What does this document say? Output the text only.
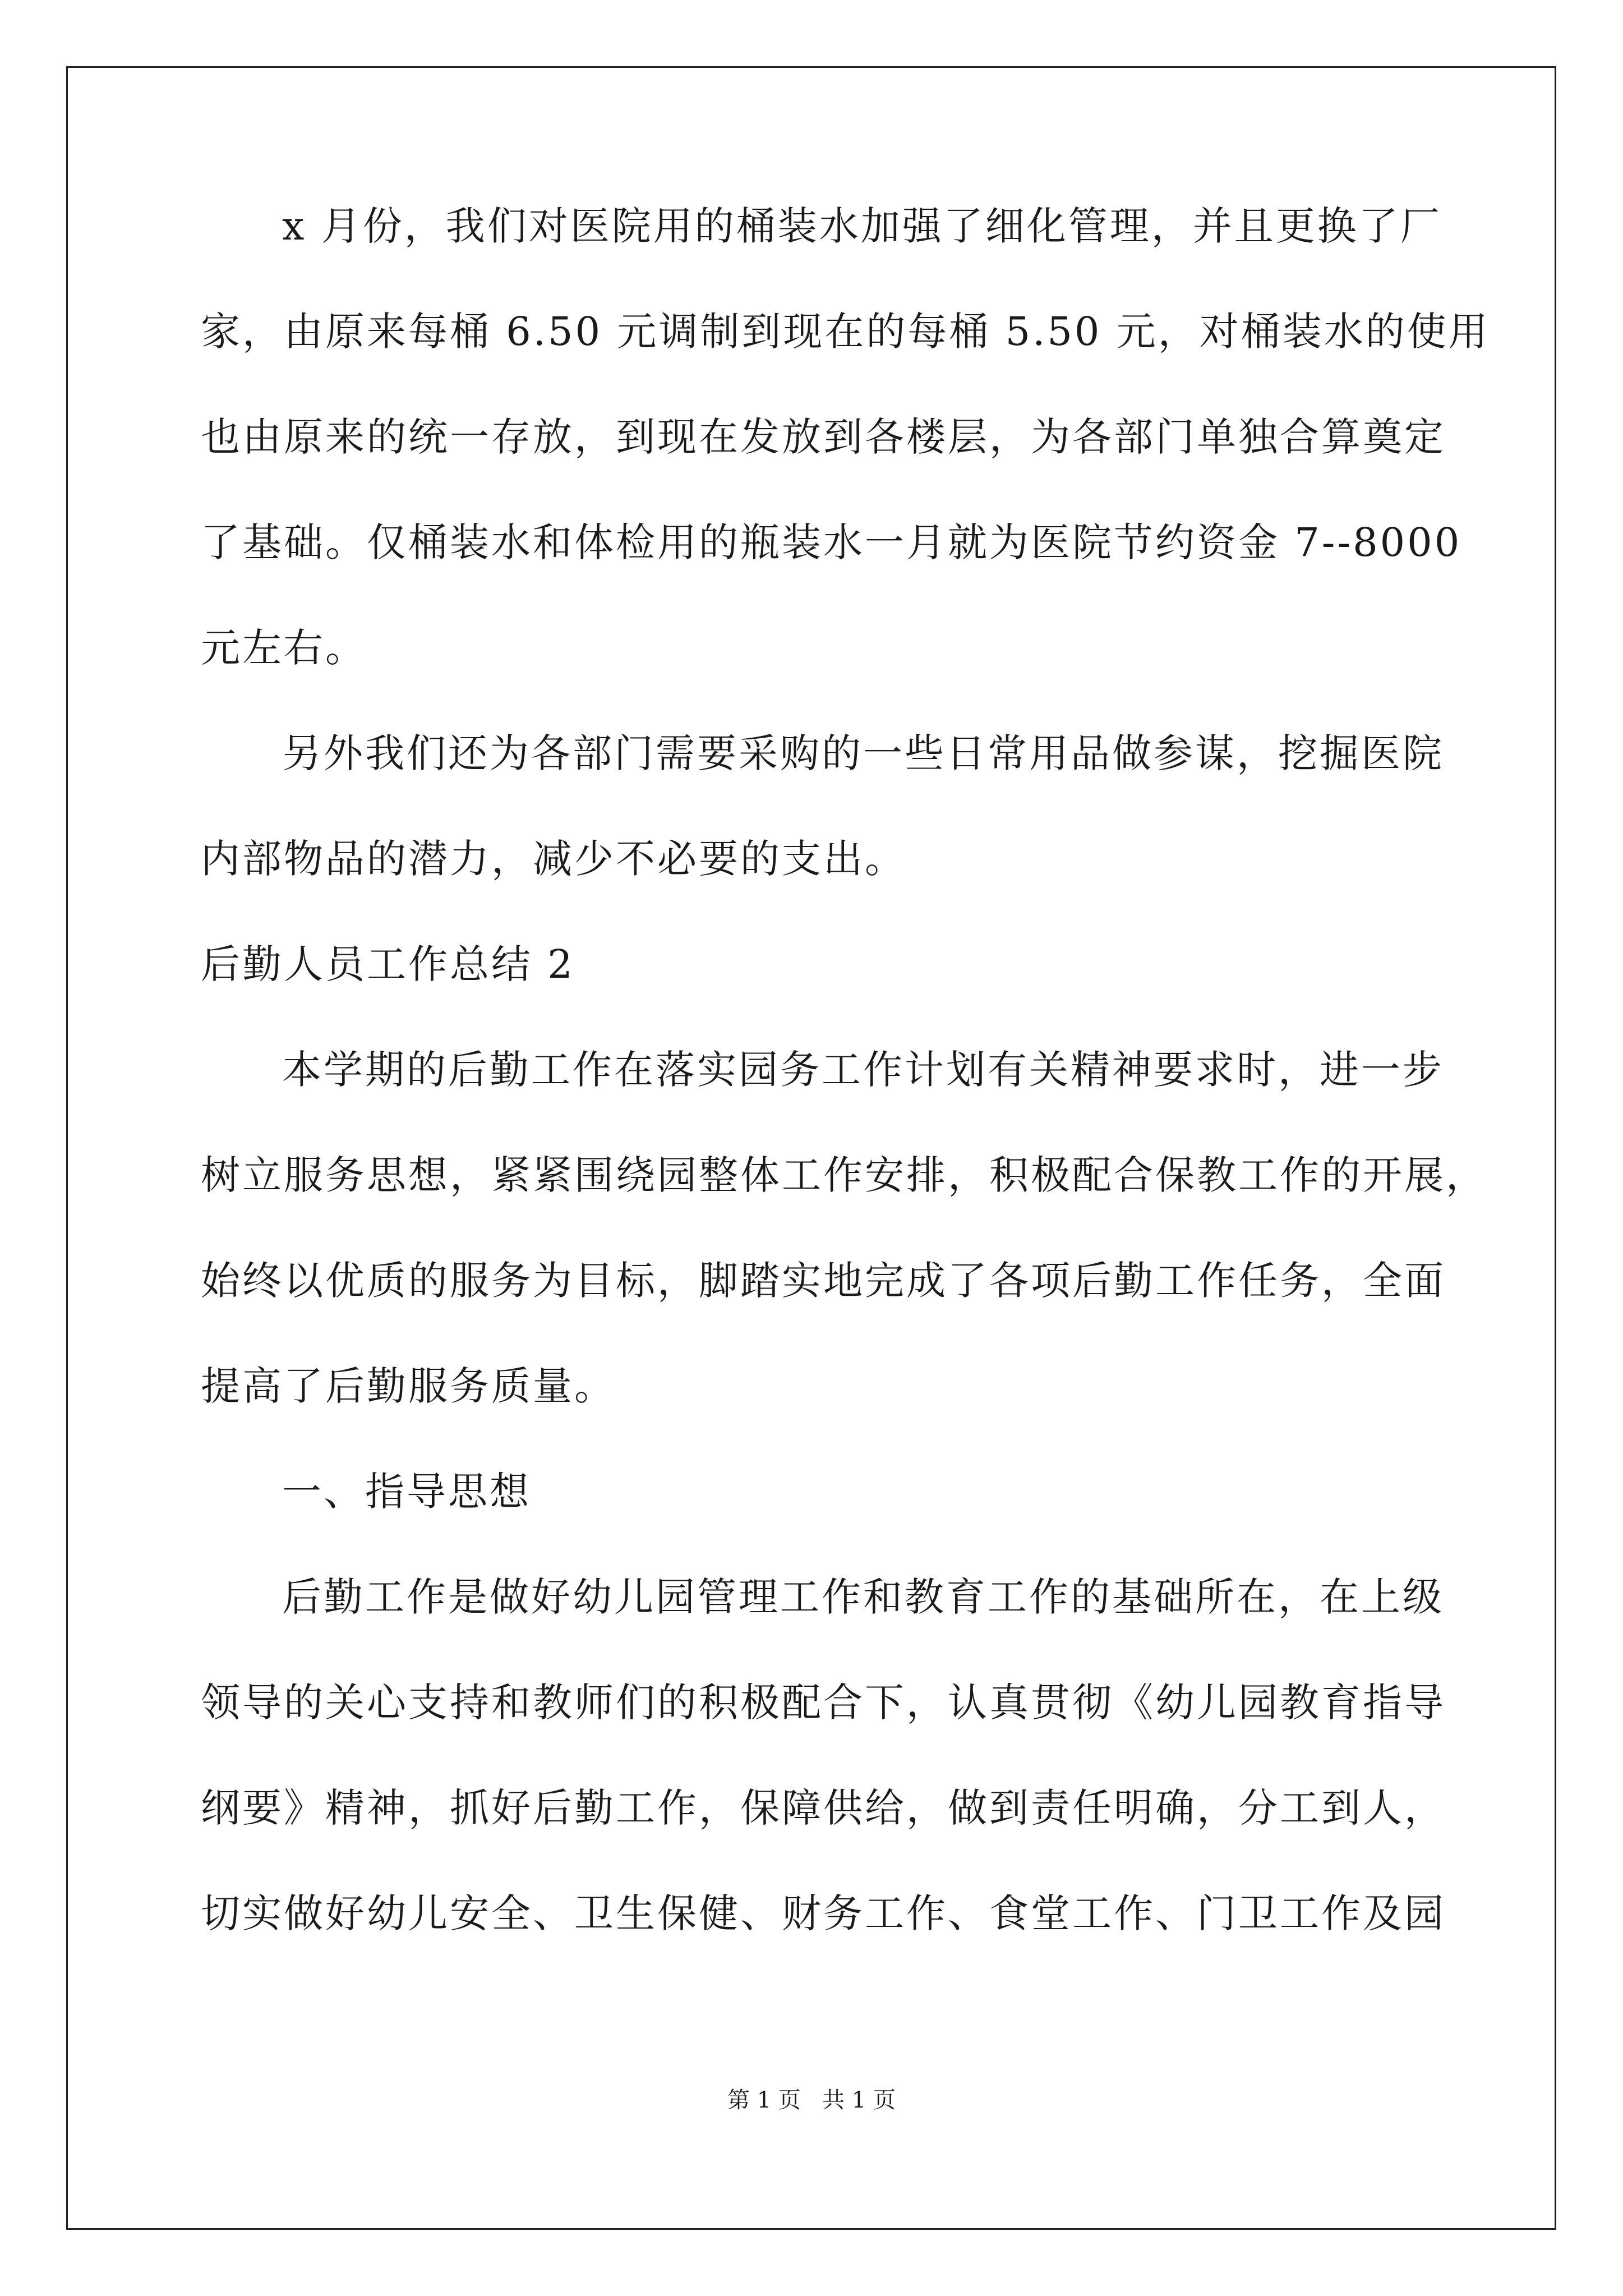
x 月份，我们对医院用的桶装水加强了细化管理，并且更换了厂
家，由原来每桶 6.50 元调制到现在的每桶 5.50 元，对桶装水的使用
也由原来的统一存放，到现在发放到各楼层，为各部门单独合算奠定
了基础。仅桶装水和体检用的瓶装水一月就为医院节约资金 7--8000
元左右。
另外我们还为各部门需要采购的一些日常用品做参谋，挖掘医院
内部物品的潜力，减少不必要的支出。
后勤人员工作总结 2
本学期的后勤工作在落实园务工作计划有关精神要求时，进一步
树立服务思想，紧紧围绕园整体工作安排，积极配合保教工作的开展，
始终以优质的服务为目标，脚踏实地完成了各项后勤工作任务，全面
提高了后勤服务质量。
一、指导思想
后勤工作是做好幼儿园管理工作和教育工作的基础所在，在上级
领导的关心支持和教师们的积极配合下，认真贯彻《幼儿园教育指导
纲要》精神，抓好后勤工作，保障供给，做到责任明确，分工到人，
切实做好幼儿安全、卫生保健、财务工作、食堂工作、门卫工作及园
第 1 页   共 1 页
